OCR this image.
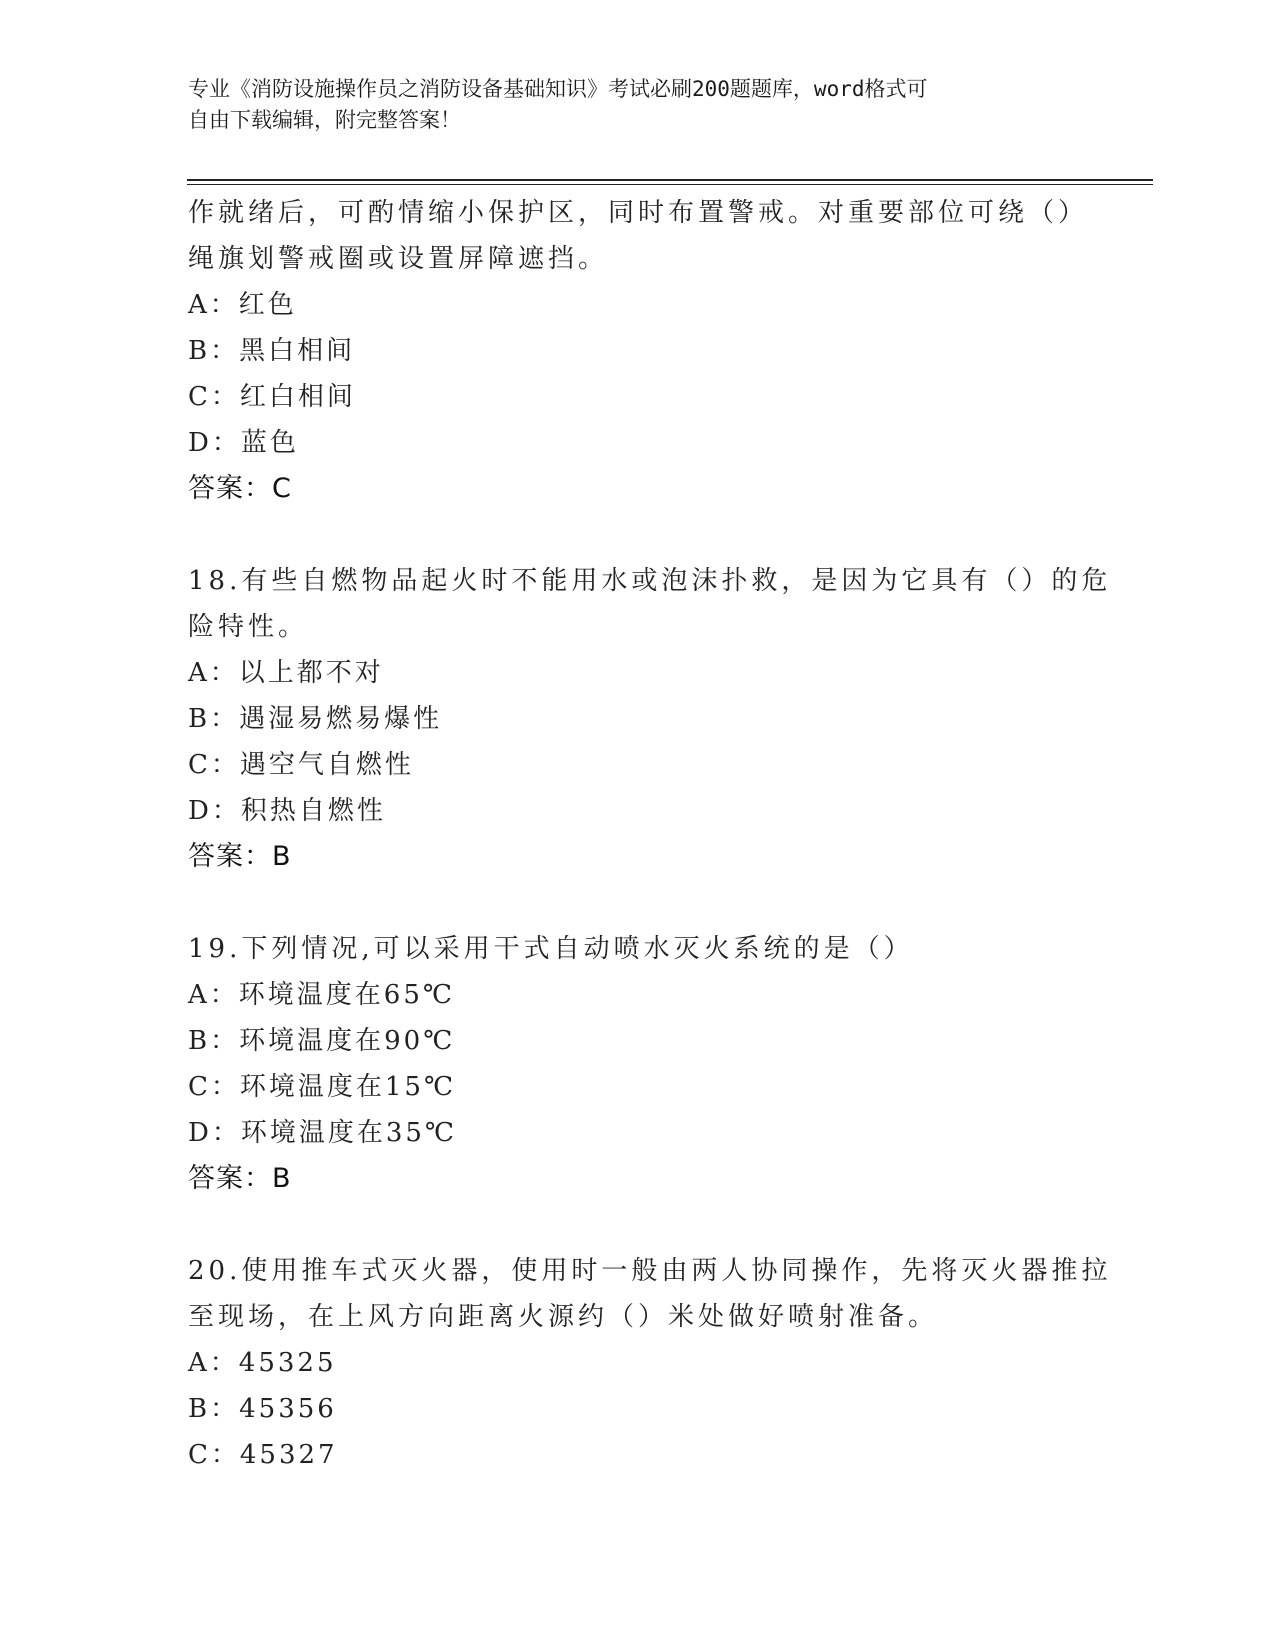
专业《消防设施操作员之消防设备基础知识》考试必刷200题题库，word格式可
自由下载编辑，附完整答案！
作就绪后，可酌情缩小保护区，同时布置警戒。对重要部位可绕（）
绳旗划警戒圈或设置屏障遮挡。
A：红色
B：黑白相间
C：红白相间
D：蓝色
答案：C
18.有些自燃物品起火时不能用水或泡沫扑救，是因为它具有（）的危
险特性。
A：以上都不对
B：遇湿易燃易爆性
C：遇空气自燃性
D：积热自燃性
答案：B
19.下列情况,可以采用干式自动喷水灭火系统的是（）
A：环境温度在65℃
B：环境温度在90℃
C：环境温度在15℃
D：环境温度在35℃
答案：B
20.使用推车式灭火器，使用时一般由两人协同操作，先将灭火器推拉
至现场，在上风方向距离火源约（）米处做好喷射准备。
A：45325
B：45356
C：45327
